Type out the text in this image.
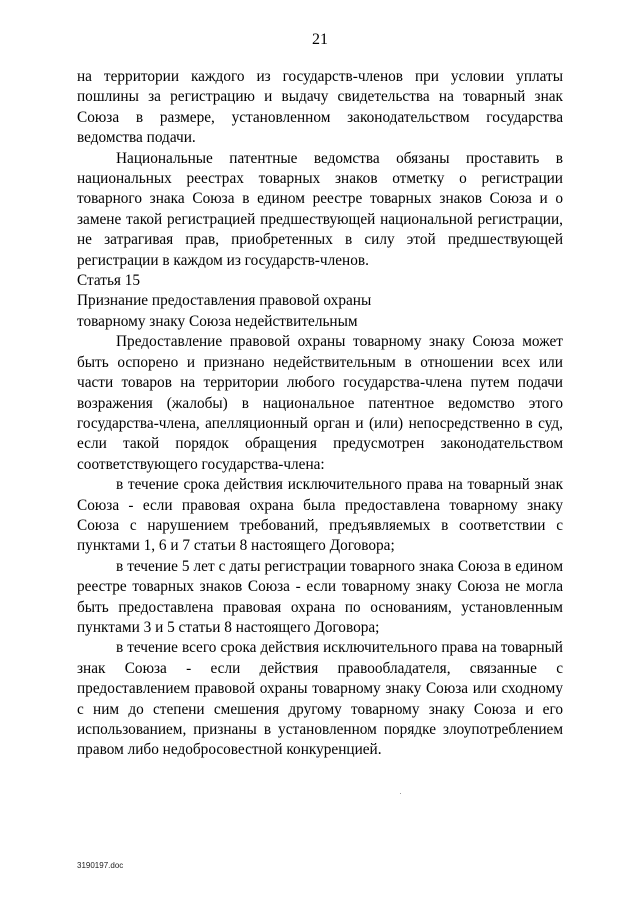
21

на территории каждого из государств-членов при условии уплаты пошлины за регистрацию и выдачу свидетельства на товарный знак Союза в размере, установленном законодательством государства ведомства подачи.

Национальные патентные ведомства обязаны проставить в национальных реестрах товарных знаков отметку о регистрации товарного знака Союза в едином реестре товарных знаков Союза и о замене такой регистрацией предшествующей национальной регистрации, не затрагивая прав, приобретенных в силу этой предшествующей регистрации в каждом из государств-членов.

Статья 15

Признание предоставления правовой охраны

товарному знаку Союза недействительным

Предоставление правовой охраны товарному знаку Союза может быть оспорено и признано недействительным в отношении всех или части товаров на территории любого государства-члена путем подачи возражения (жалобы) в национальное патентное ведомство этого государства-члена, апелляционный орган и (или) непосредственно в суд, если такой порядок обращения предусмотрен законодательством соответствующего государства-члена:

в течение срока действия исключительного права на товарный знак Союза - если правовая охрана была предоставлена товарному знаку Союза с нарушением требований, предъявляемых в соответствии с пунктами 1, 6 и 7 статьи 8 настоящего Договора;

в течение 5 лет с даты регистрации товарного знака Союза в едином реестре товарных знаков Союза - если товарному знаку Союза не могла быть предоставлена правовая охрана по основаниям, установленным пунктами 3 и 5 статьи 8 настоящего Договора;

в течение всего срока действия исключительного права на товарный знак Союза - если действия правообладателя, связанные с предоставлением правовой охраны товарному знаку Союза или сходному с ним до степени смешения другому товарному знаку Союза и его использованием, признаны в установленном порядке злоупотреблением правом либо недобросовестной конкуренцией.

3190197.doc
